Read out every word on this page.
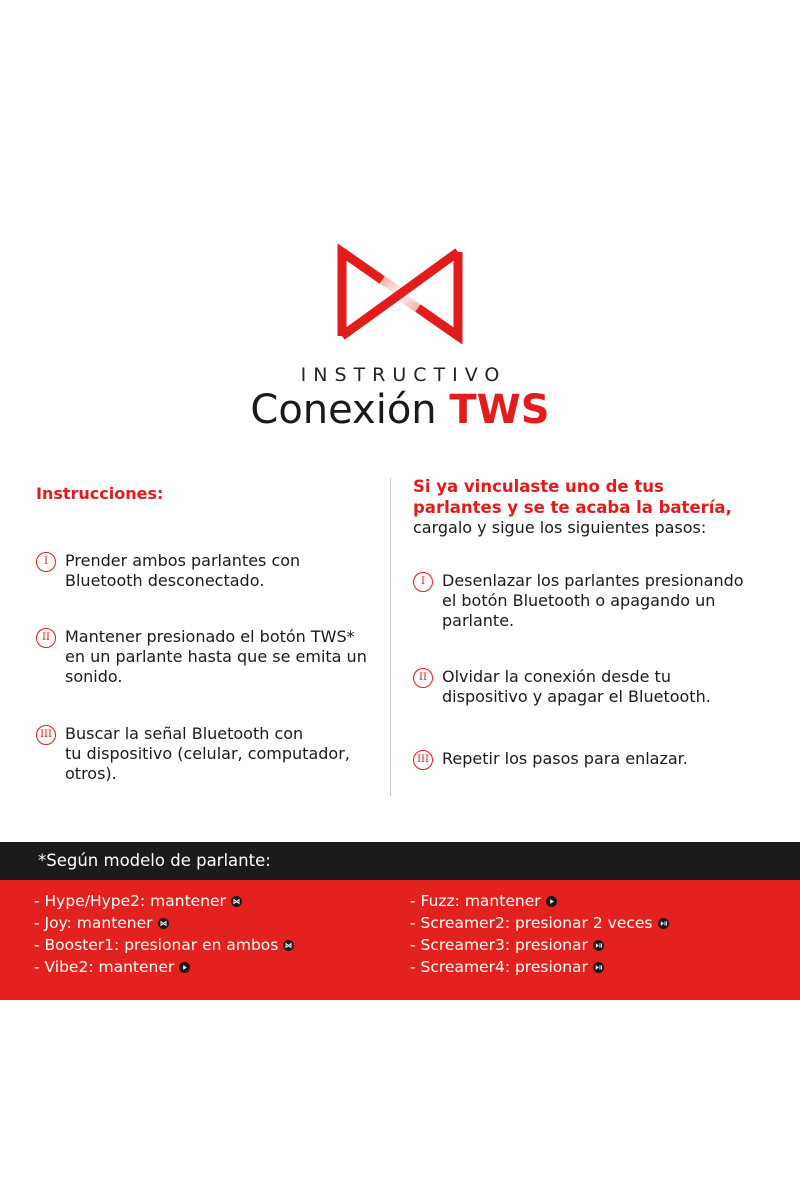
INSTRUCTIVO
Conexión TWS
Instrucciones:
I	Prender ambos parlantes con
Bluetooth desconectado.
II Mantener presionado el botón TWS*
en un parlante hasta que se emita un
sonido.
III Buscar la señal Bluetooth con
tu dispositivo (celular, computador,
otros).
Si ya vinculaste uno de tus
parlantes y se te acaba la batería,
cargalo y sigue los siguientes pasos:
I	Desenlazar los parlantes presionando
el botón Bluetooth o apagando un
parlante.
II Olvidar la conexión desde tu
dispositivo y apagar el Bluetooth.
III Repetir los pasos para enlazar.
*Según modelo de parlante:
- Hype/Hype2: mantener
- Joy: mantener
- Booster1: presionar en ambos
- Vibe2: mantener
- Fuzz: mantener
- Screamer2: presionar 2 veces
- Screamer3: presionar
- Screamer4: presionar
